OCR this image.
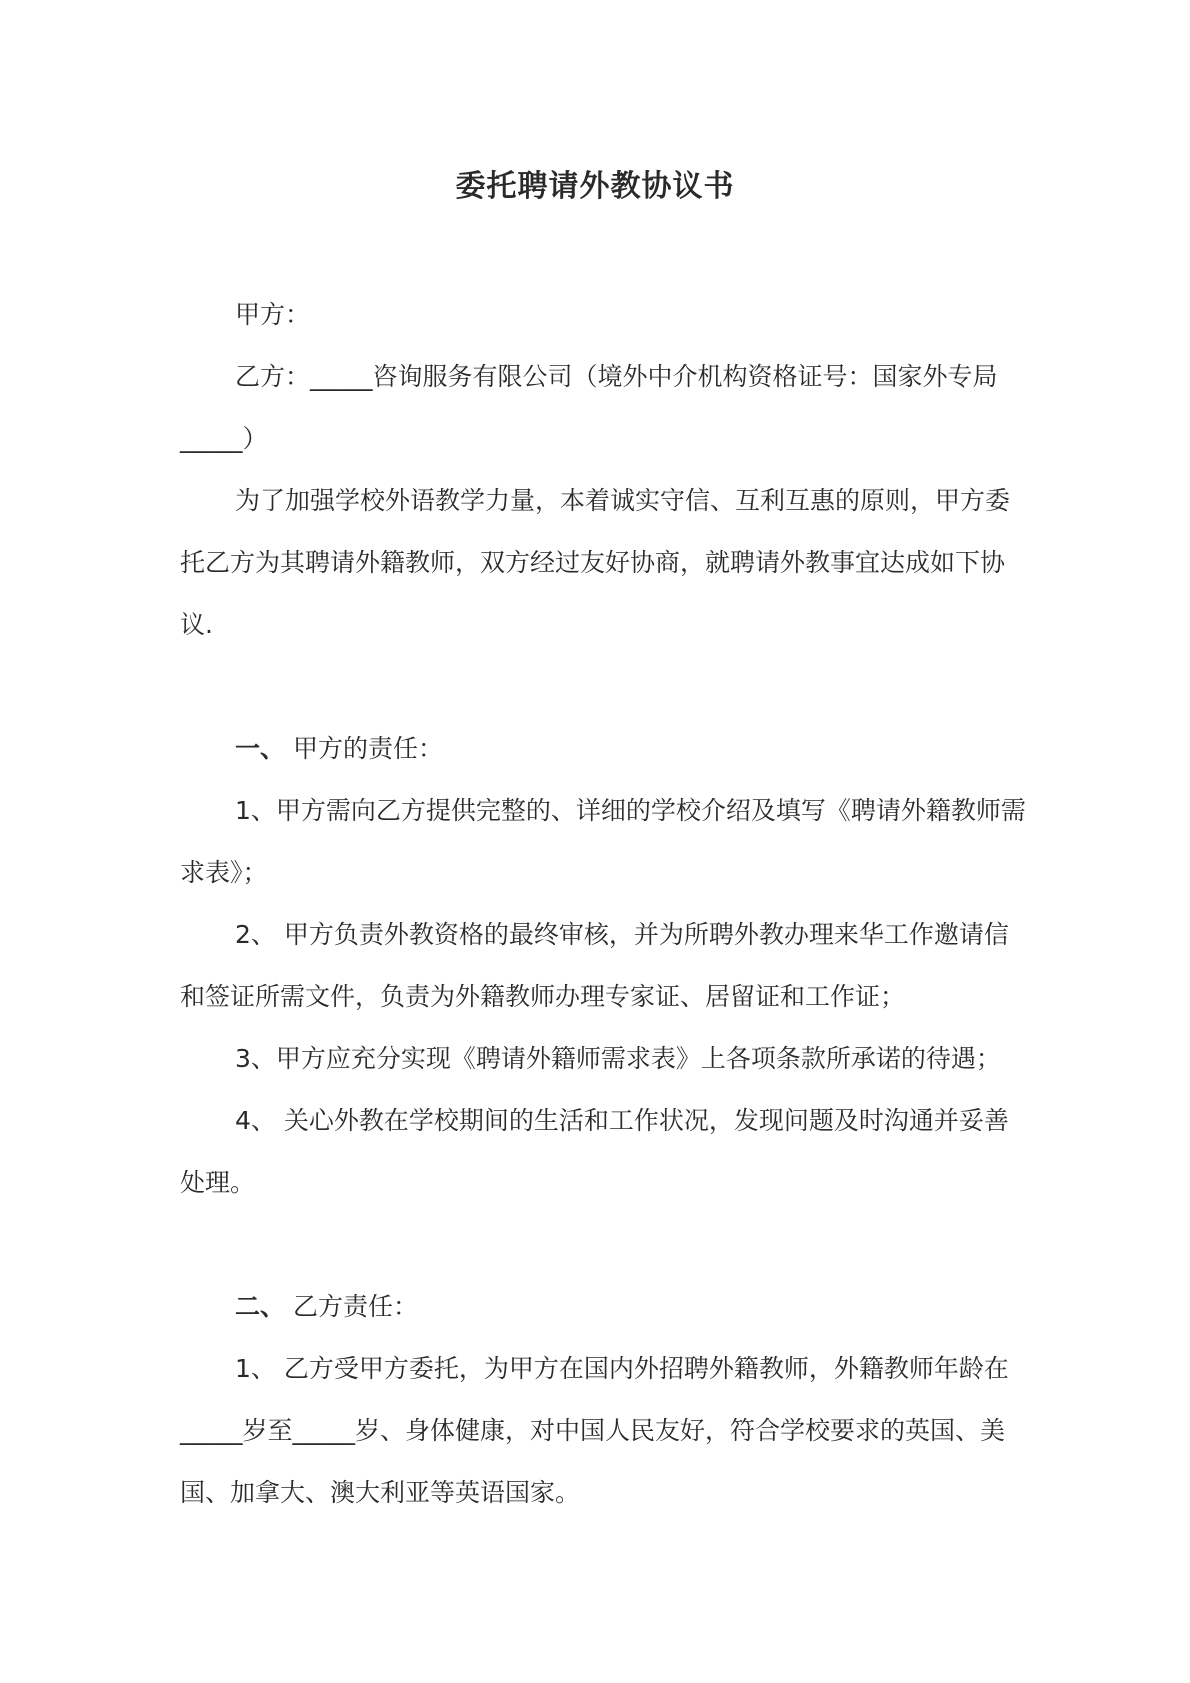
委托聘请外教协议书

甲方：

乙方：_____咨询服务有限公司（境外中介机构资格证号：国家外专局_____）

为了加强学校外语教学力量，本着诚实守信、互利互惠的原则，甲方委托乙方为其聘请外籍教师，双方经过友好协商，就聘请外教事宜达成如下协议.

一、 甲方的责任：

1、甲方需向乙方提供完整的、详细的学校介绍及填写《聘请外籍教师需求表》；

2、 甲方负责外教资格的最终审核，并为所聘外教办理来华工作邀请信和签证所需文件，负责为外籍教师办理专家证、居留证和工作证；

3、甲方应充分实现《聘请外籍师需求表》上各项条款所承诺的待遇；

4、 关心外教在学校期间的生活和工作状况，发现问题及时沟通并妥善处理。

二、 乙方责任：

1、 乙方受甲方委托，为甲方在国内外招聘外籍教师，外籍教师年龄在_____岁至_____岁、身体健康，对中国人民友好，符合学校要求的英国、美国、加拿大、澳大利亚等英语国家。
